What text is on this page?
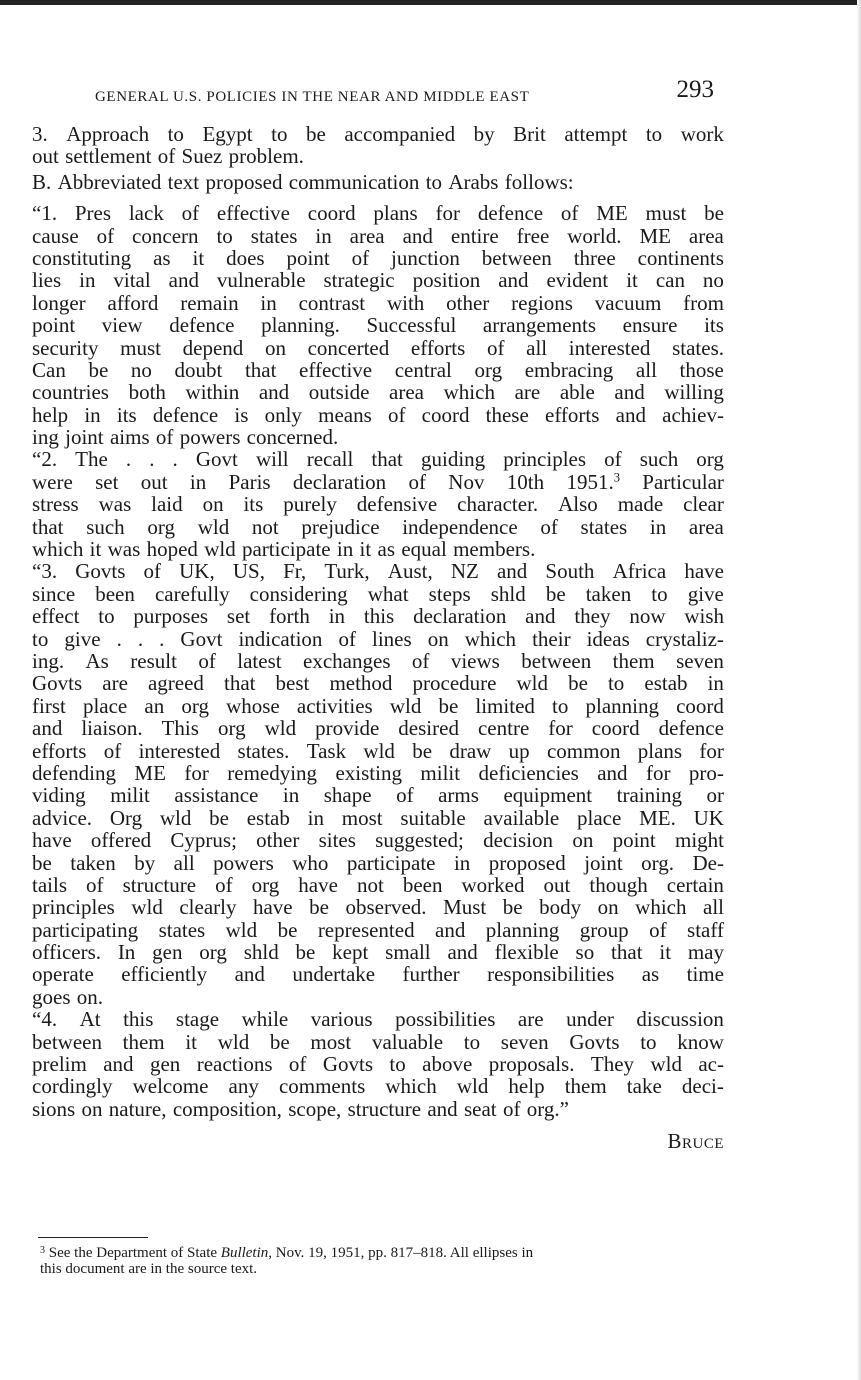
GENERAL U.S. POLICIES IN THE NEAR AND MIDDLE EAST	293
3. Approach to Egypt to be accompanied by Brit attempt to work
out settlement of Suez problem.
B. Abbreviated text proposed communication to Arabs follows:
“1. Pres lack of effective coord plans for defence of ME must be
cause of concern to states in area and entire free world. ME area
constituting as it does point of junction between three continents
lies in vital and vulnerable strategic position and evident it can no
longer afford remain in contrast with other regions vacuum from
point view defence planning. Successful arrangements ensure its
security must depend on concerted efforts of all interested states.
Can be no doubt that effective central org embracing all those
countries both within and outside area which are able and willing
help in its defence is only means of coord these efforts and achiev-
ing joint aims of powers concerned.
“2. The . . . Govt will recall that guiding principles of such org
were set out in Paris declaration of Nov 10th 1951.$^3$ Particular
stress was laid on its purely defensive character. Also made clear
that such org wld not prejudice independence of states in area
which it was hoped wld participate in it as equal members.
“3. Govts of UK, US, Fr, Turk, Aust, NZ and South Africa have
since been carefully considering what steps shld be taken to give
effect to purposes set forth in this declaration and they now wish
to give . . . Govt indication of lines on which their ideas crystaliz-
ing. As result of latest exchanges of views between them seven
Govts are agreed that best method procedure wld be to estab in
first place an org whose activities wld be limited to planning coord
and liaison. This org wld provide desired centre for coord defence
efforts of interested states. Task wld be draw up common plans for
defending ME for remedying existing milit deficiencies and for pro-
viding milit assistance in shape of arms equipment training or
advice. Org wld be estab in most suitable available place ME. UK
have offered Cyprus; other sites suggested; decision on point might
be taken by all powers who participate in proposed joint org. De-
tails of structure of org have not been worked out though certain
principles wld clearly have be observed. Must be body on which all
participating states wld be represented and planning group of staff
officers. In gen org shld be kept small and flexible so that it may
operate efficiently and undertake further responsibilities as time
goes on.
“4. At this stage while various possibilities are under discussion
between them it wld be most valuable to seven Govts to know
prelim and gen reactions of Govts to above proposals. They wld ac-
cordingly welcome any comments which wld help them take deci-
sions on nature, composition, scope, structure and seat of org.”
Bruce
$^3$ See the Department of State Bulletin, Nov. 19, 1951, pp. 817–818. All ellipses in
this document are in the source text.
